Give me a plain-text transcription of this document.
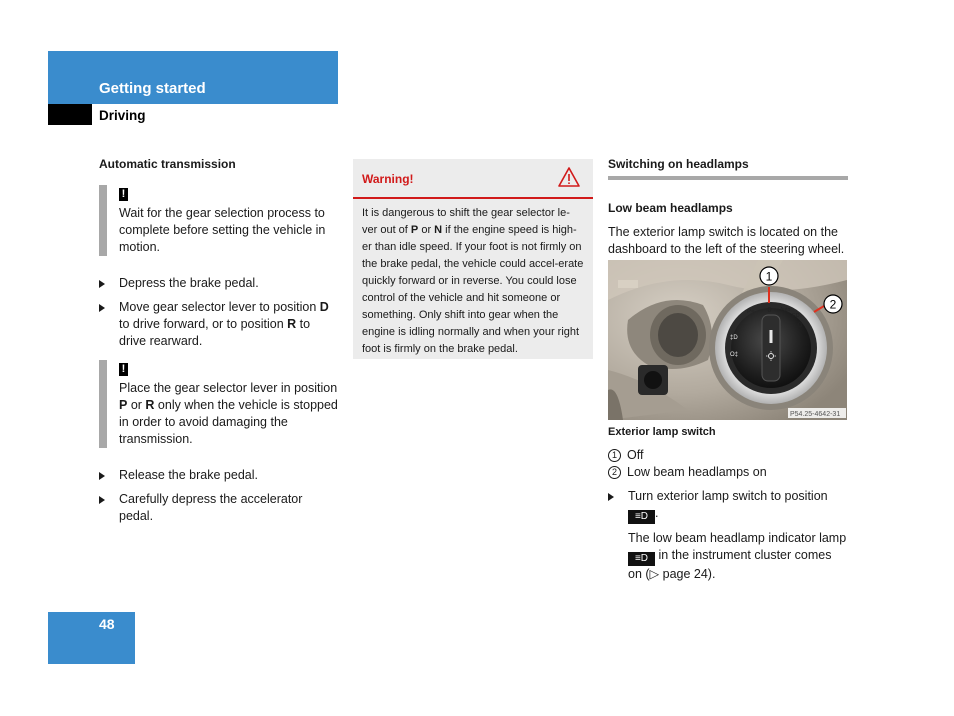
Getting started
Driving
Automatic transmission
!
Wait for the gear selection process to complete before setting the vehicle in motion.
Depress the brake pedal.
Move gear selector lever to position D to drive forward, or to position R to drive rearward.
!
Place the gear selector lever in position P or R only when the vehicle is stopped in order to avoid damaging the transmission.
Release the brake pedal.
Carefully depress the accelerator pedal.
Warning!
It is dangerous to shift the gear selector le-ver out of P or N if the engine speed is high-er than idle speed. If your foot is not firmly on the brake pedal, the vehicle could accel-erate quickly forward or in reverse. You could lose control of the vehicle and hit someone or something. Only shift into gear when the engine is idling normally and when your right foot is firmly on the brake pedal.
Switching on headlamps
Low beam headlamps
The exterior lamp switch is located on the dashboard to the left of the steering wheel.
P= 0 Auto
ED
D
‡D
O‡
1
2
P54.25-4642-31
Exterior lamp switch
1 Off
2 Low beam headlamps on
Turn exterior lamp switch to position ≡D .
The low beam headlamp indicator lamp ≡D in the instrument cluster comes on (▷ page 24).
48
